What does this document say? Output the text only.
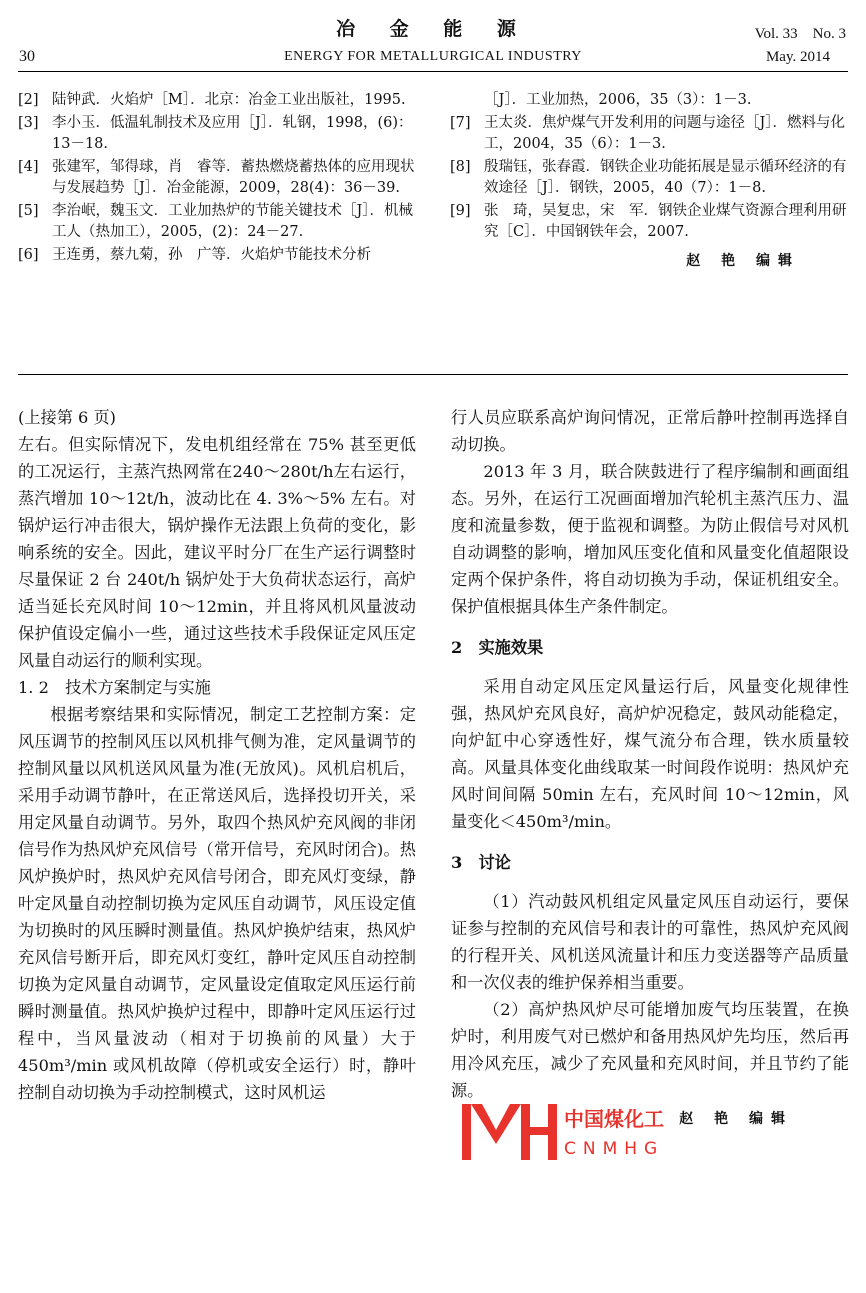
冶 金 能 源	Vol. 33　No. 3
30	ENERGY FOR METALLURGICAL INDUSTRY	May. 2014
[2] 陆钟武．火焰炉［M］．北京：冶金工业出版社，1995.
[3] 李小玉．低温轧制技术及应用［J］．轧钢，1998，(6)：13－18.
[4] 张建军，邹得球，肖　睿等．蓄热燃烧蓄热体的应用现状与发展趋势［J］．冶金能源，2009，28(4)：36－39.
[5] 李治岷，魏玉文．工业加热炉的节能关键技术［J］．机械工人（热加工），2005，(2)：24－27.
[6] 王连勇，蔡九菊，孙　广等．火焰炉节能技术分析
［J］．工业加热，2006，35（3）：1－3.
[7] 王太炎．焦炉煤气开发利用的问题与途径［J］．燃料与化工，2004，35（6）：1－3.
[8] 殷瑞钰，张春霞．钢铁企业功能拓展是显示循环经济的有效途径［J］．钢铁，2005，40（7）：1－8.
[9] 张　琦，吴复忠，宋　军．钢铁企业煤气资源合理利用研究［C］．中国钢铁年会，2007.
赵 艳 编辑

(上接第 6 页)

左右。但实际情况下，发电机组经常在 75% 甚至更低的工况运行，主蒸汽热网常在240～280t/h左右运行，蒸汽增加 10～12t/h，波动比在 4. 3%～5% 左右。对锅炉运行冲击很大，锅炉操作无法跟上负荷的变化，影响系统的安全。因此，建议平时分厂在生产运行调整时尽量保证 2 台 240t/h 锅炉处于大负荷状态运行，高炉适当延长充风时间 10～12min，并且将风机风量波动保护值设定偏小一些，通过这些技术手段保证定风压定风量自动运行的顺利实现。

1. 2　技术方案制定与实施

根据考察结果和实际情况，制定工艺控制方案：定风压调节的控制风压以风机排气侧为准，定风量调节的控制风量以风机送风风量为准(无放风)。风机启机后，采用手动调节静叶，在正常送风后，选择投切开关，采用定风量自动调节。另外，取四个热风炉充风阀的非闭信号作为热风炉充风信号（常开信号，充风时闭合)。热风炉换炉时，热风炉充风信号闭合，即充风灯变绿，静叶定风量自动控制切换为定风压自动调节，风压设定值为切换时的风压瞬时测量值。热风炉换炉结束，热风炉充风信号断开后，即充风灯变红，静叶定风压自动控制切换为定风量自动调节，定风量设定值取定风压运行前瞬时测量值。热风炉换炉过程中，即静叶定风压运行过程中，当风量波动（相对于切换前的风量）大于 450m³/min 或风机故障（停机或安全运行）时，静叶控制自动切换为手动控制模式，这时风机运

行人员应联系高炉询问情况，正常后静叶控制再选择自动切换。

2013 年 3 月，联合陕鼓进行了程序编制和画面组态。另外，在运行工况画面增加汽轮机主蒸汽压力、温度和流量参数，便于监视和调整。为防止假信号对风机自动调整的影响，增加风压变化值和风量变化值超限设定两个保护条件，将自动切换为手动，保证机组安全。保护值根据具体生产条件制定。

2　实施效果

采用自动定风压定风量运行后，风量变化规律性强，热风炉充风良好，高炉炉况稳定，鼓风动能稳定，向炉缸中心穿透性好，煤气流分布合理，铁水质量较高。风量具体变化曲线取某一时间段作说明：热风炉充风时间间隔 50min 左右，充风时间 10～12min，风量变化＜450m³/min。

3　讨论

（1）汽动鼓风机组定风量定风压自动运行，要保证参与控制的充风信号和表计的可靠性，热风炉充风阀的行程开关、风机送风流量计和压力变送器等产品质量和一次仪表的维护保养相当重要。

（2）高炉热风炉尽可能增加废气均压装置，在换炉时，利用废气对已燃炉和备用热风炉先均压，然后再用冷风充压，减少了充风量和充风时间，并且节约了能源。

赵 艳 编辑

中国煤化工
CNMHG
